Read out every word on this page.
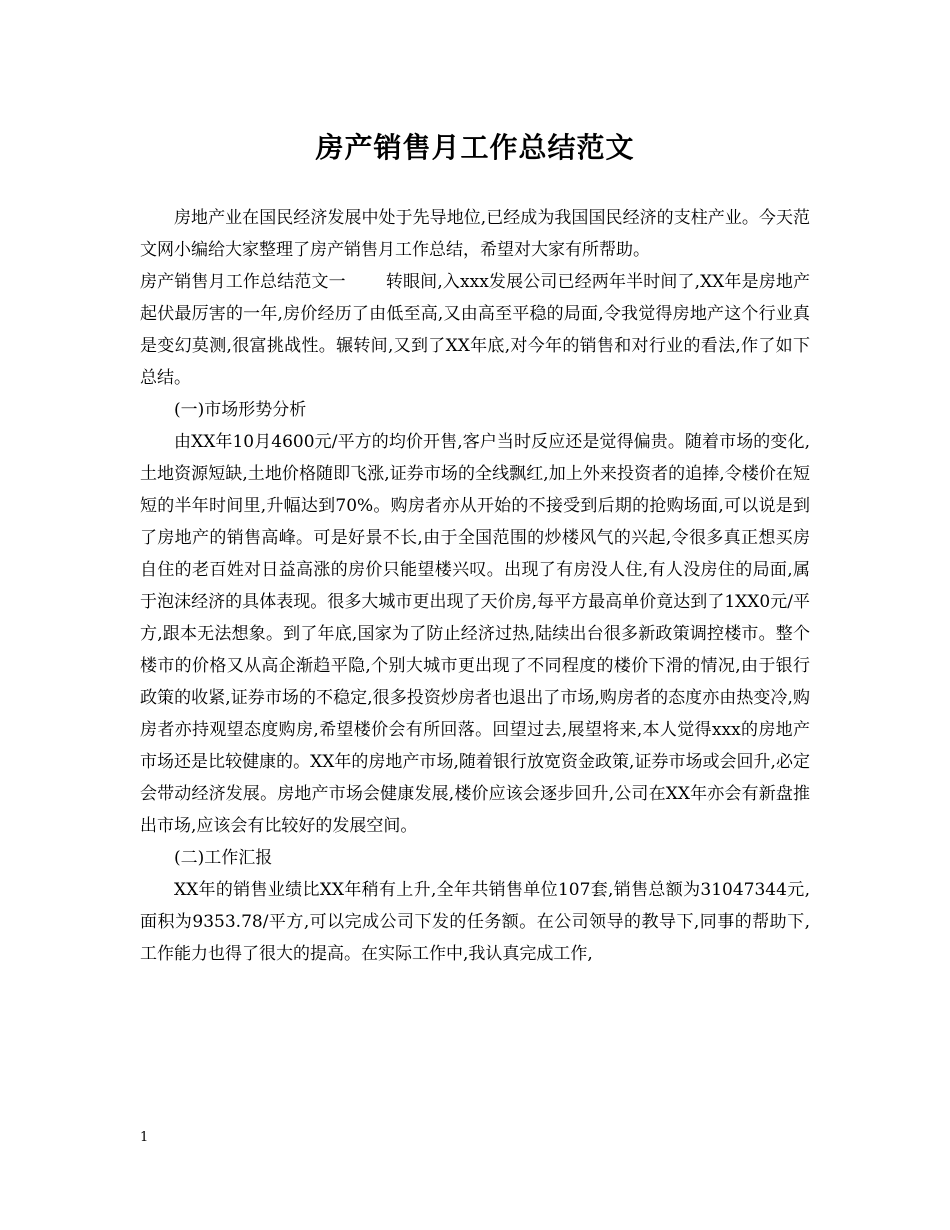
房产销售月工作总结范文

房地产业在国民经济发展中处于先导地位,已经成为我国国民经济的支柱产业。今天范文网小编给大家整理了房产销售月工作总结，希望对大家有所帮助。

房产销售月工作总结范文一 转眼间,入xxx发展公司已经两年半时间了,XX年是房地产起伏最厉害的一年,房价经历了由低至高,又由高至平稳的局面,令我觉得房地产这个行业真是变幻莫测,很富挑战性。辗转间,又到了XX年底,对今年的销售和对行业的看法,作了如下总结。

(一)市场形势分析

由XX年10月4600元/平方的均价开售,客户当时反应还是觉得偏贵。随着市场的变化,土地资源短缺,土地价格随即飞涨,证券市场的全线飘红,加上外来投资者的追捧,令楼价在短短的半年时间里,升幅达到70%。购房者亦从开始的不接受到后期的抢购场面,可以说是到了房地产的销售高峰。可是好景不长,由于全国范围的炒楼风气的兴起,令很多真正想买房自住的老百姓对日益高涨的房价只能望楼兴叹。出现了有房没人住,有人没房住的局面,属于泡沫经济的具体表现。很多大城市更出现了天价房,每平方最高单价竟达到了1XX0元/平方,跟本无法想象。到了年底,国家为了防止经济过热,陆续出台很多新政策调控楼市。整个楼市的价格又从高企渐趋平隐,个别大城市更出现了不同程度的楼价下滑的情况,由于银行政策的收紧,证券市场的不稳定,很多投资炒房者也退出了市场,购房者的态度亦由热变冷,购房者亦持观望态度购房,希望楼价会有所回落。回望过去,展望将来,本人觉得xxx的房地产市场还是比较健康的。XX年的房地产市场,随着银行放宽资金政策,证券市场或会回升,必定会带动经济发展。房地产市场会健康发展,楼价应该会逐步回升,公司在XX年亦会有新盘推出市场,应该会有比较好的发展空间。

(二)工作汇报

XX年的销售业绩比XX年稍有上升,全年共销售单位107套,销售总额为31047344元,面积为9353.78/平方,可以完成公司下发的任务额。在公司领导的教导下,同事的帮助下,工作能力也得了很大的提高。在实际工作中,我认真完成工作,

1
